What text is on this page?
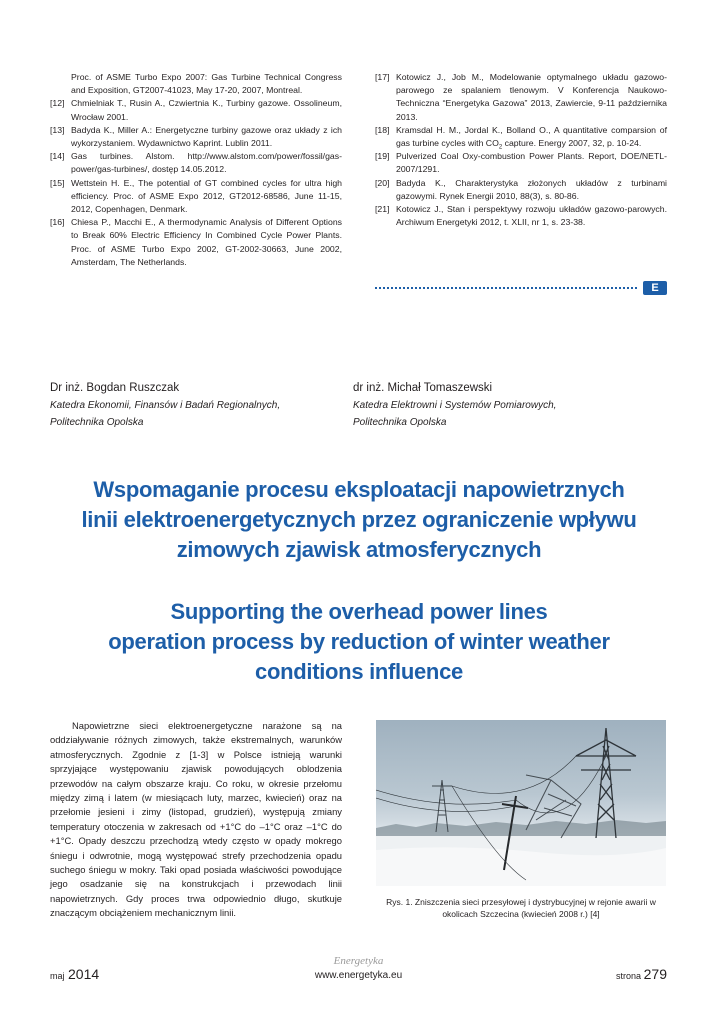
Proc. of ASME Turbo Expo 2007: Gas Turbine Technical Congress and Exposition, GT2007-41023, May 17-20, 2007, Montreal.
[12] Chmielniak T., Rusin A., Czwiertnia K., Turbiny gazowe. Ossolineum, Wrocław 2001.
[13] Badyda K., Miller A.: Energetyczne turbiny gazowe oraz układy z ich wykorzystaniem. Wydawnictwo Kaprint. Lublin 2011.
[14] Gas turbines. Alstom. http://www.alstom.com/power/fossil/gas-power/gas-turbines/, dostęp 14.05.2012.
[15] Wettstein H. E., The potential of GT combined cycles for ultra high efficiency. Proc. of ASME Expo 2012, GT2012-68586, June 11-15, 2012, Copenhagen, Denmark.
[16] Chiesa P., Macchi E., A thermodynamic Analysis of Different Options to Break 60% Electric Efficiency In Combined Cycle Power Plants. Proc. of ASME Turbo Expo 2002, GT-2002-30663, June 2002, Amsterdam, The Netherlands.
[17] Kotowicz J., Job M., Modelowanie optymalnego układu gazowo-parowego ze spalaniem tlenowym. V Konferencja Naukowo-Techniczna “Energetyka Gazowa” 2013, Zawiercie, 9-11 października 2013.
[18] Kramsdal H. M., Jordal K., Bolland O., A quantitative comparsion of gas turbine cycles with $CO_2$ capture. Energy 2007, 32, p. 10-24.
[19] Pulverized Coal Oxy-combustion Power Plants. Report, DOE/NETL-2007/1291.
[20] Badyda K., Charakterystyka złożonych układów z turbinami gazowymi. Rynek Energii 2010, 88(3), s. 80-86.
[21] Kotowicz J., Stan i perspektywy rozwoju układów gazowo-parowych. Archiwum Energetyki 2012, t. XLII, nr 1, s. 23-38.
E
Dr inż. Bogdan Ruszczak
Katedra Ekonomii, Finansów i Badań Regionalnych,
Politechnika Opolska
dr inż. Michał Tomaszewski
Katedra Elektrowni i Systemów Pomiarowych,
Politechnika Opolska
Wspomaganie procesu eksploatacji napowietrznych
linii elektroenergetycznych przez ograniczenie wpływu
zimowych zjawisk atmosferycznych
Supporting the overhead power lines
operation process by reduction of winter weather
conditions influence
Napowietrzne sieci elektroenergetyczne narażone są na oddziaływanie różnych zimowych, także ekstremalnych, warunków atmosferycznych. Zgodnie z [1-3] w Polsce istnieją warunki sprzyjające występowaniu zjawisk powodujących oblodzenia przewodów na całym obszarze kraju. Co roku, w okresie przełomu między zimą i latem (w miesiącach luty, marzec, kwiecień) oraz na przełomie jesieni i zimy (listopad, grudzień), występują zmiany temperatury otoczenia w zakresach od +1°C do –1°C oraz –1°C do +1°C. Opady deszczu przechodzą wtedy często w opady mokrego śniegu i odwrotnie, mogą występować strefy przechodzenia opadu suchego śniegu w mokry. Taki opad posiada właściwości powodujące jego osadzanie się na konstrukcjach i przewodach linii napowietrznych. Gdy proces trwa odpowiednio długo, skutkuje znaczącym obciążeniem mechanicznym linii.
Rys. 1. Zniszczenia sieci przesyłowej i dystrybucyjnej w rejonie awarii w okolicach Szczecina (kwiecień 2008 r.) [4]
maj 2014
Energetyka
www.energetyka.eu	strona 279
